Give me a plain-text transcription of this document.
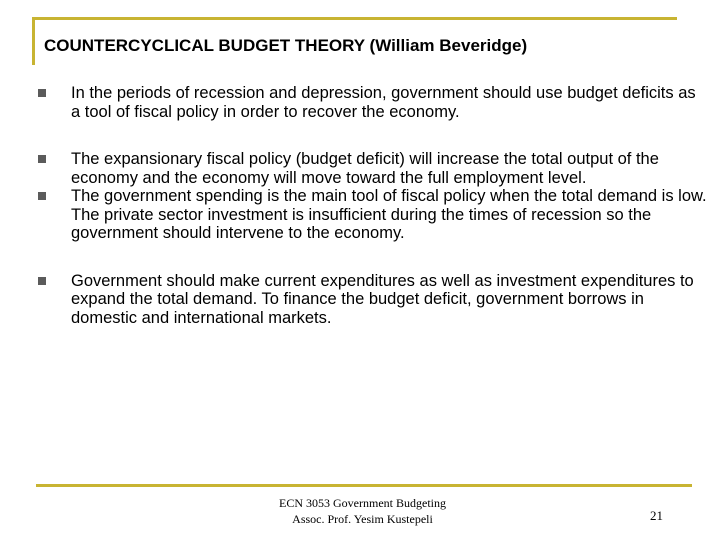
COUNTERCYCLICAL BUDGET THEORY (William Beveridge)
In the periods of recession and depression, government should use budget deficits as a tool of fiscal policy in order to recover the economy.
The expansionary fiscal policy (budget deficit) will increase the total output of the economy and the economy will move toward the full employment level.
The government spending is the main tool of fiscal policy when the total demand is low. The private sector investment is insufficient during the times of recession so the government should intervene to the economy.
Government should make current expenditures as well as investment expenditures to expand the total demand. To finance the budget deficit, government borrows in domestic and international markets.
ECN 3053 Government Budgeting
Assoc. Prof. Yesim Kustepeli	21
